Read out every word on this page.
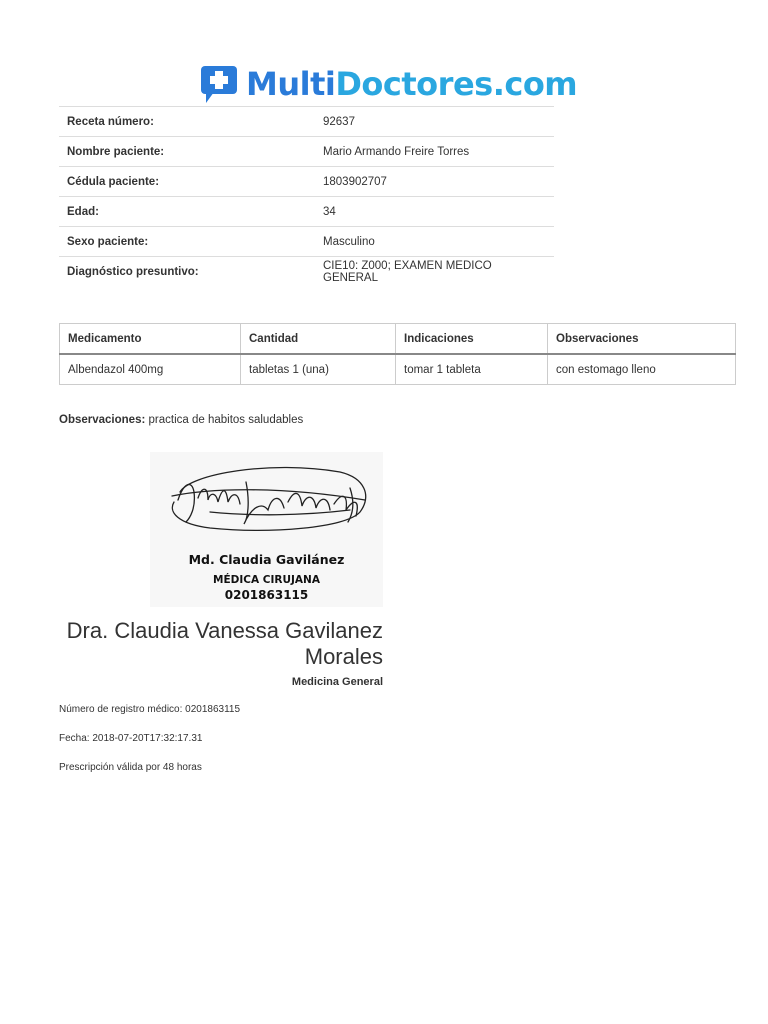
MultiDoctores.com
Receta número:	92637
Nombre paciente:	Mario Armando Freire Torres
Cédula paciente:	1803902707
Edad:	34
Sexo paciente:	Masculino
Diagnóstico presuntivo:	CIE10: Z000; EXAMEN MEDICO GENERAL
Medicamento	Cantidad	Indicaciones	Observaciones
Albendazol 400mg	tabletas 1 (una)	tomar 1 tableta	con estomago lleno
Observaciones: practica de habitos saludables
Md. Claudia Gavilánez
MÉDICA CIRUJANA
0201863115
Dra. Claudia Vanessa Gavilanez
Morales
Medicina General
Número de registro médico: 0201863115
Fecha: 2018-07-20T17:32:17.31
Prescripción válida por 48 horas
